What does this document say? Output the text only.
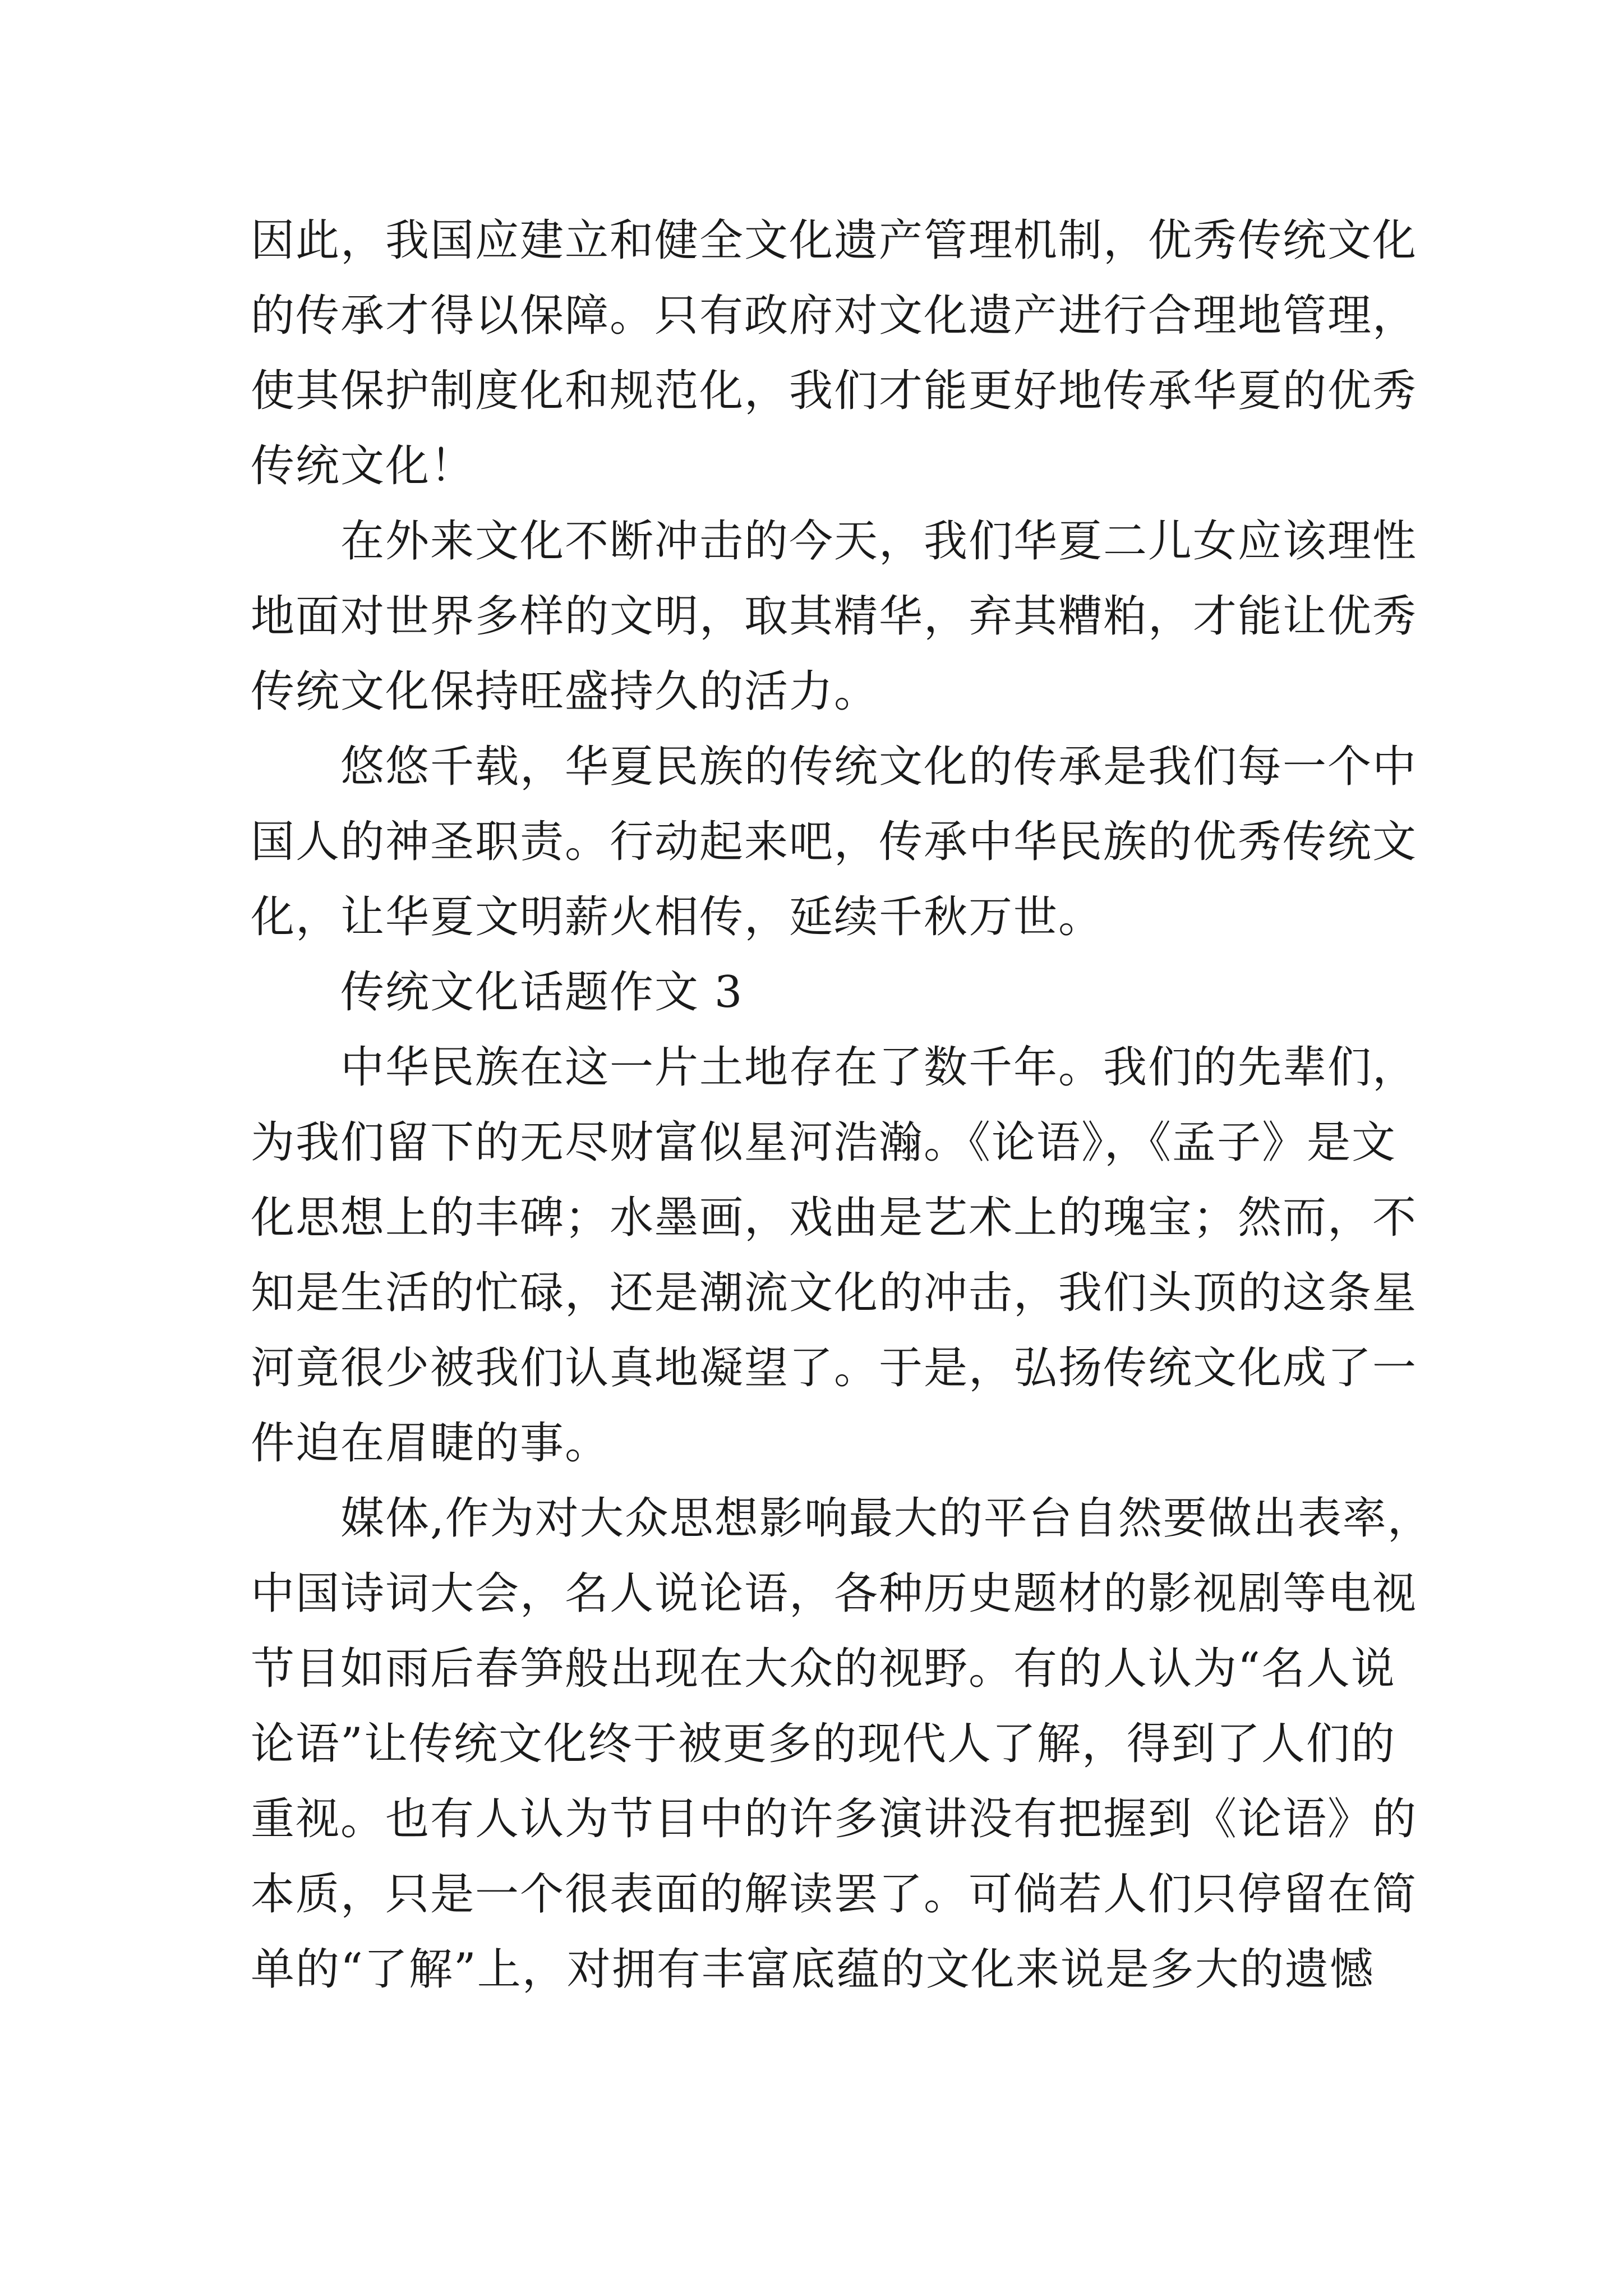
因此，我国应建立和健全文化遗产管理机制，优秀传统文化
的传承才得以保障。只有政府对文化遗产进行合理地管理，
使其保护制度化和规范化，我们才能更好地传承华夏的优秀
传统文化！
在外来文化不断冲击的今天，我们华夏二儿女应该理性
地面对世界多样的文明，取其精华，弃其糟粕，才能让优秀
传统文化保持旺盛持久的活力。
悠悠千载，华夏民族的传统文化的传承是我们每一个中
国人的神圣职责。行动起来吧，传承中华民族的优秀传统文
化，让华夏文明薪火相传，延续千秋万世。
传统文化话题作文 3
中华民族在这一片土地存在了数千年。我们的先辈们，
为我们留下的无尽财富似星河浩瀚。《论语》，《孟子》是文
化思想上的丰碑；水墨画，戏曲是艺术上的瑰宝；然而，不
知是生活的忙碌，还是潮流文化的冲击，我们头顶的这条星
河竟很少被我们认真地凝望了。于是，弘扬传统文化成了一
件迫在眉睫的事。
媒体,作为对大众思想影响最大的平台自然要做出表率，
中国诗词大会，名人说论语，各种历史题材的影视剧等电视
节目如雨后春笋般出现在大众的视野。有的人认为“名人说
论语”让传统文化终于被更多的现代人了解，得到了人们的
重视。也有人认为节目中的许多演讲没有把握到《论语》的
本质，只是一个很表面的解读罢了。可倘若人们只停留在简
单的“了解”上，对拥有丰富底蕴的文化来说是多大的遗憾
